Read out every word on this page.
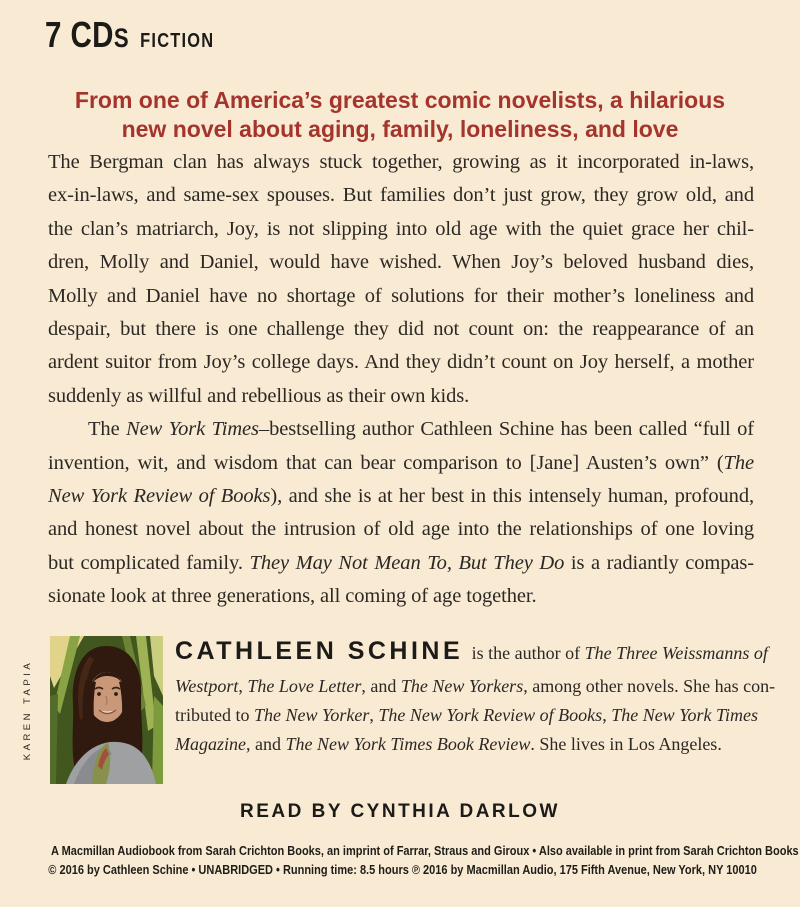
7 CDS FICTION
From one of America’s greatest comic novelists, a hilarious
new novel about aging, family, loneliness, and love
The Bergman clan has always stuck together, growing as it incorporated in-laws,
ex-in-laws, and same-sex spouses. But families don’t just grow, they grow old, and
the clan’s matriarch, Joy, is not slipping into old age with the quiet grace her chil-
dren, Molly and Daniel, would have wished. When Joy’s beloved husband dies,
Molly and Daniel have no shortage of solutions for their mother’s loneliness and
despair, but there is one challenge they did not count on: the reappearance of an
ardent suitor from Joy’s college days. And they didn’t count on Joy herself, a mother
suddenly as willful and rebellious as their own kids.
The New York Times–bestselling author Cathleen Schine has been called “full of
invention, wit, and wisdom that can bear comparison to [Jane] Austen’s own” (The
New York Review of Books), and she is at her best in this intensely human, profound,
and honest novel about the intrusion of old age into the relationships of one loving
but complicated family. They May Not Mean To, But They Do is a radiantly compas-
sionate look at three generations, all coming of age together.
KAREN TAPIA
CATHLEEN SCHINE is the author of The Three Weissmanns of
Westport, The Love Letter, and The New Yorkers, among other novels. She has con-
tributed to The New Yorker, The New York Review of Books, The New York Times
Magazine, and The New York Times Book Review. She lives in Los Angeles.
READ BY CYNTHIA DARLOW
A Macmillan Audiobook from Sarah Crichton Books, an imprint of Farrar, Straus and Giroux • Also available in print from Sarah Crichton Books
© 2016 by Cathleen Schine • UNABRIDGED • Running time: 8.5 hours ℗ 2016 by Macmillan Audio, 175 Fifth Avenue, New York, NY 10010
